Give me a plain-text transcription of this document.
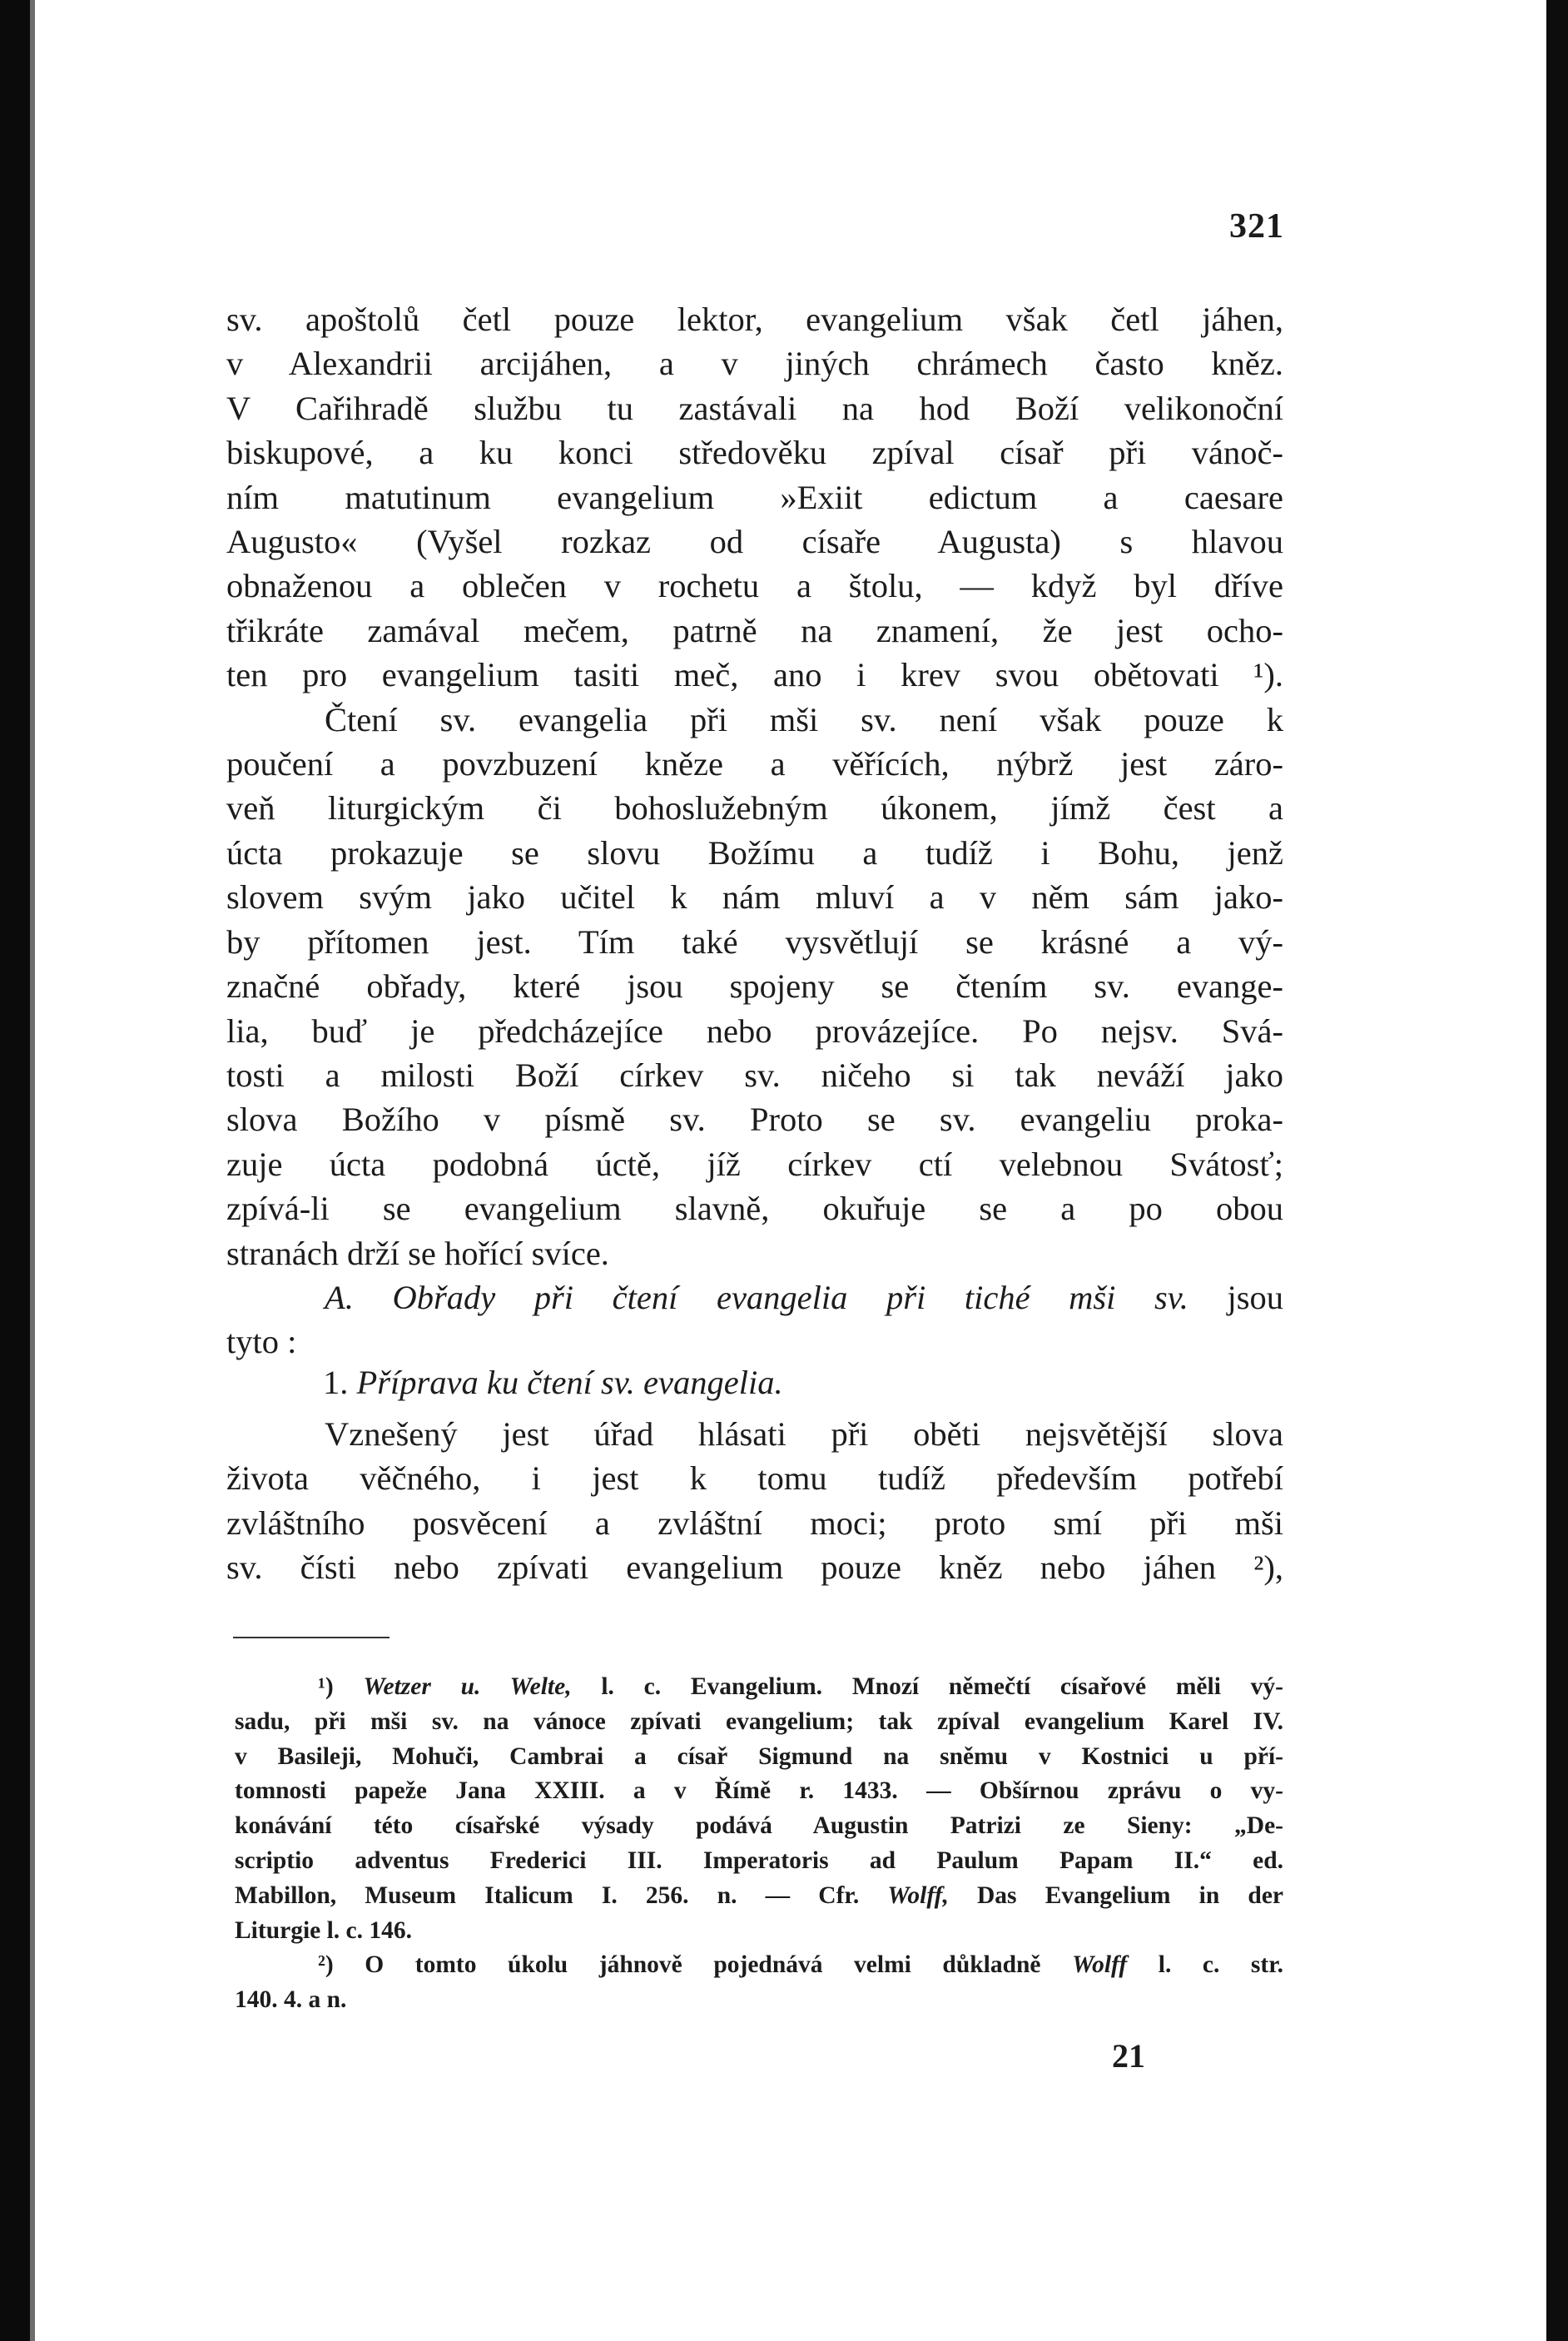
321
sv. apoštolů četl pouze lektor, evangelium však četl jáhen,
v Alexandrii arcijáhen, a v jiných chrámech často kněz.
V Cařihradě službu tu zastávali na hod Boží velikonoční
biskupové, a ku konci středověku zpíval císař při vánoč-
ním matutinum evangelium »Exiit edictum a caesare
Augusto« (Vyšel rozkaz od císaře Augusta) s hlavou
obnaženou a oblečen v rochetu a štolu, — když byl dříve
třikráte zamával mečem, patrně na znamení, že jest ocho-
ten pro evangelium tasiti meč, ano i krev svou obětovati ¹).
Čtení sv. evangelia při mši sv. není však pouze k
poučení a povzbuzení kněze a věřících, nýbrž jest záro-
veň liturgickým či bohoslužebným úkonem, jímž čest a
úcta prokazuje se slovu Božímu a tudíž i Bohu, jenž
slovem svým jako učitel k nám mluví a v něm sám jako-
by přítomen jest. Tím také vysvětlují se krásné a vý-
značné obřady, které jsou spojeny se čtením sv. evange-
lia, buď je předcházejíce nebo provázejíce. Po nejsv. Svá-
tosti a milosti Boží církev sv. ničeho si tak neváží jako
slova Božího v písmě sv. Proto se sv. evangeliu proka-
zuje úcta podobná úctě, jíž církev ctí velebnou Svátosť;
zpívá-li se evangelium slavně, okuřuje se a po obou
stranách drží se hořící svíce.
A. Obřady při čtení evangelia při tiché mši sv. jsou
tyto :
1. Příprava ku čtení sv. evangelia.
Vznešený jest úřad hlásati při oběti nejsvětější slova
života věčného, i jest k tomu tudíž především potřebí
zvláštního posvěcení a zvláštní moci; proto smí při mši
sv. čísti nebo zpívati evangelium pouze kněz nebo jáhen ²),
¹) Wetzer u. Welte, l. c. Evangelium. Mnozí němečtí císařové měli vý-
sadu, při mši sv. na vánoce zpívati evangelium; tak zpíval evangelium Karel IV.
v Basileji, Mohuči, Cambrai a císař Sigmund na sněmu v Kostnici u pří-
tomnosti papeže Jana XXIII. a v Římě r. 1433. — Obšírnou zprávu o vy-
konávání této císařské výsady podává Augustin Patrizi ze Sieny: „De-
scriptio adventus Frederici III. Imperatoris ad Paulum Papam II.“ ed.
Mabillon, Museum Italicum I. 256. n. — Cfr. Wolff, Das Evangelium in der
Liturgie l. c. 146.
²) O tomto úkolu jáhnově pojednává velmi důkladně Wolff l. c. str.
140. 4. a n.
21
